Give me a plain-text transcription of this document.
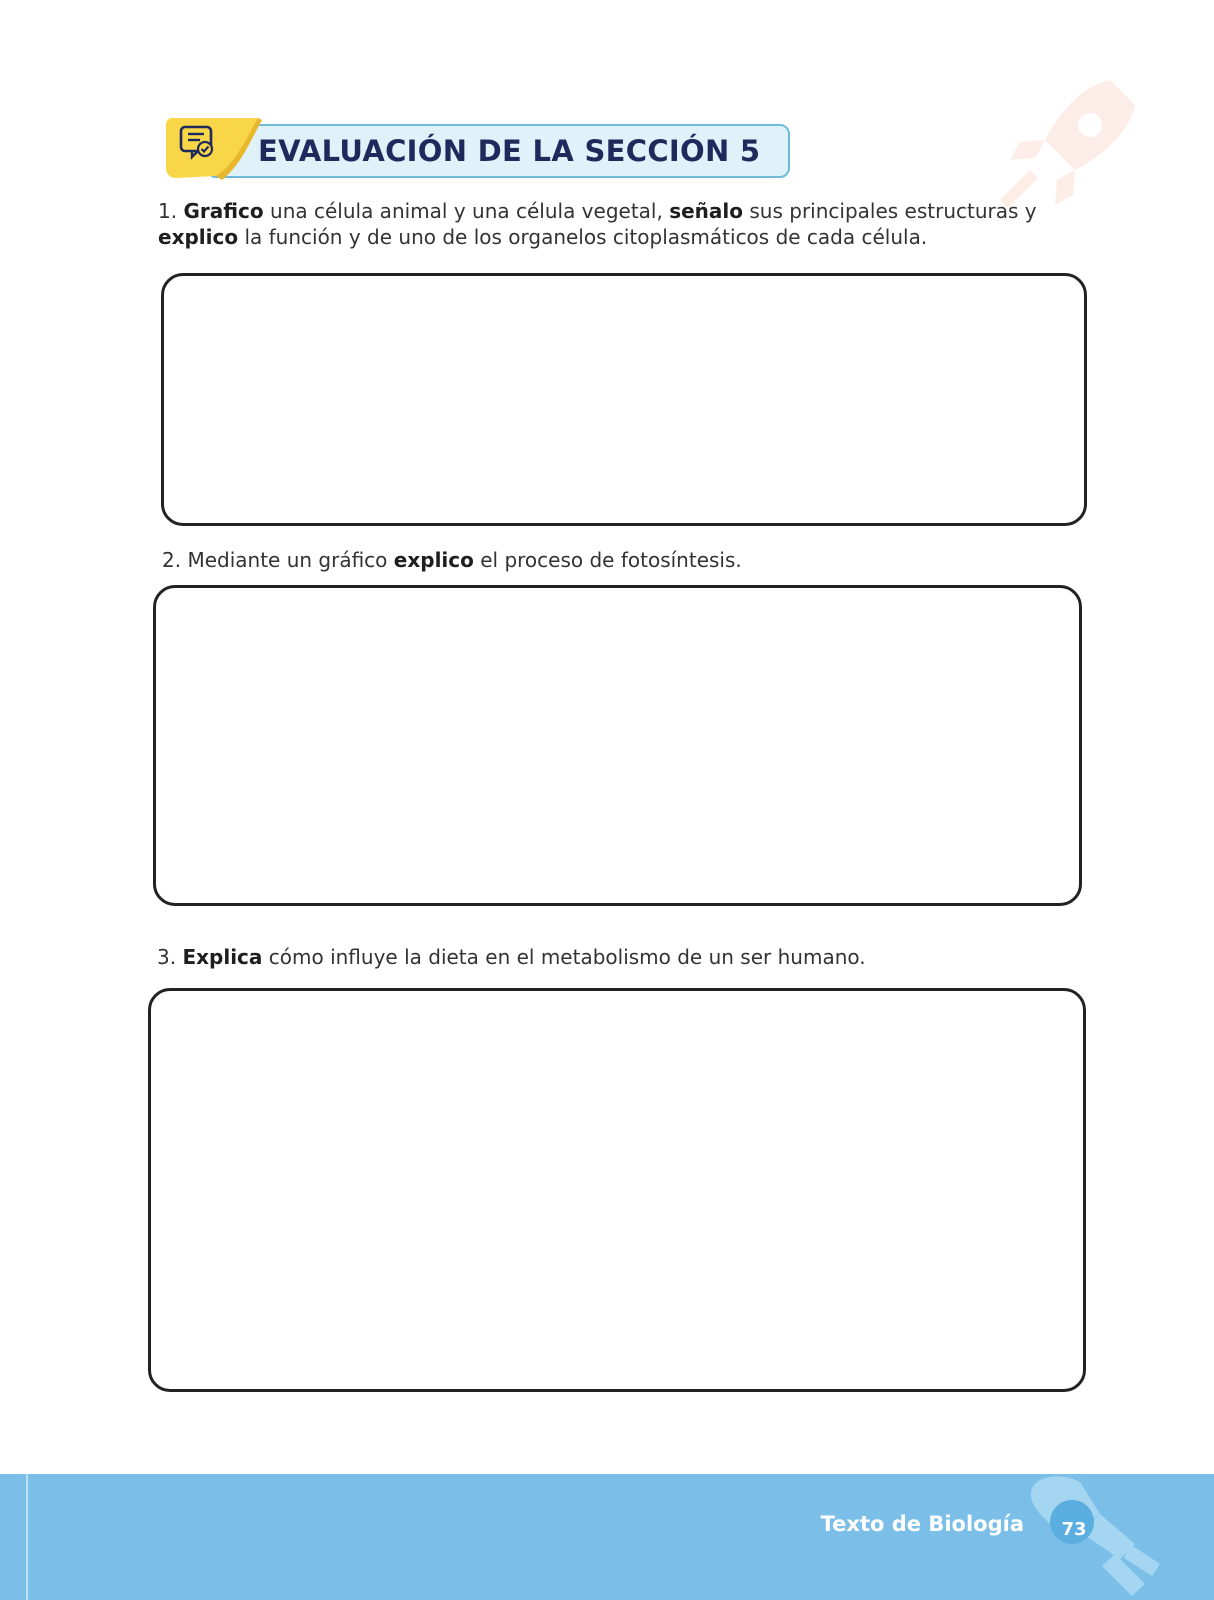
EVALUACIÓN DE LA SECCIÓN 5
1. Grafico una célula animal y una célula vegetal, señalo sus principales estructuras y explico la función y de uno de los organelos citoplasmáticos de cada célula.
2. Mediante un gráfico explico el proceso de fotosíntesis.
3. Explica cómo influye la dieta en el metabolismo de un ser humano.
Texto de Biología	73
